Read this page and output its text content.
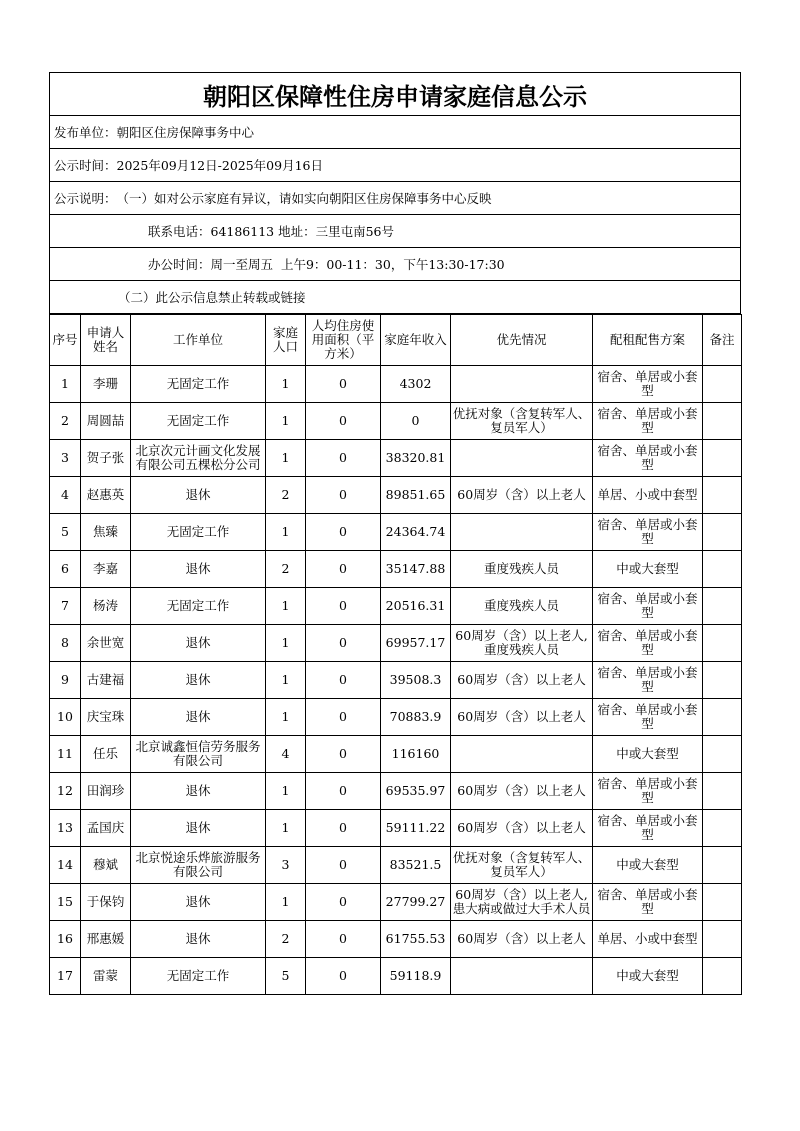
朝阳区保障性住房申请家庭信息公示
发布单位： 朝阳区住房保障事务中心
公示时间： 2025年09月12日-2025年09月16日
公示说明： （一）如对公示家庭有异议，请如实向朝阳区住房保障事务中心反映
联系电话：64186113 地址：三里屯南56号
办公时间：周一至周五  上午9：00-11：30，下午13:30-17:30
（二）此公示信息禁止转载或链接
序号	申请人姓名	工作单位	家庭人口	人均住房使用面积（平方米）	家庭年收入	优先情况	配租配售方案	备注
1	李珊	无固定工作	1	0	4302		宿舍、单居或小套型	
2	周圆喆	无固定工作	1	0	0	优抚对象（含复转军人、复员军人）	宿舍、单居或小套型	
3	贺子张	北京次元计画文化发展有限公司五棵松分公司	1	0	38320.81		宿舍、单居或小套型	
4	赵惠英	退休	2	0	89851.65	60周岁（含）以上老人	单居、小或中套型	
5	焦臻	无固定工作	1	0	24364.74		宿舍、单居或小套型	
6	李嘉	退休	2	0	35147.88	重度残疾人员	中或大套型	
7	杨涛	无固定工作	1	0	20516.31	重度残疾人员	宿舍、单居或小套型	
8	余世宽	退休	1	0	69957.17	60周岁（含）以上老人,重度残疾人员	宿舍、单居或小套型	
9	古建福	退休	1	0	39508.3	60周岁（含）以上老人	宿舍、单居或小套型	
10	庆宝珠	退休	1	0	70883.9	60周岁（含）以上老人	宿舍、单居或小套型	
11	任乐	北京诚鑫恒信劳务服务有限公司	4	0	116160		中或大套型	
12	田润珍	退休	1	0	69535.97	60周岁（含）以上老人	宿舍、单居或小套型	
13	孟国庆	退休	1	0	59111.22	60周岁（含）以上老人	宿舍、单居或小套型	
14	穆斌	北京悦途乐烨旅游服务有限公司	3	0	83521.5	优抚对象（含复转军人、复员军人）	中或大套型	
15	于保钧	退休	1	0	27799.27	60周岁（含）以上老人,患大病或做过大手术人员	宿舍、单居或小套型	
16	邢惠媛	退休	2	0	61755.53	60周岁（含）以上老人	单居、小或中套型	
17	雷蒙	无固定工作	5	0	59118.9		中或大套型	
